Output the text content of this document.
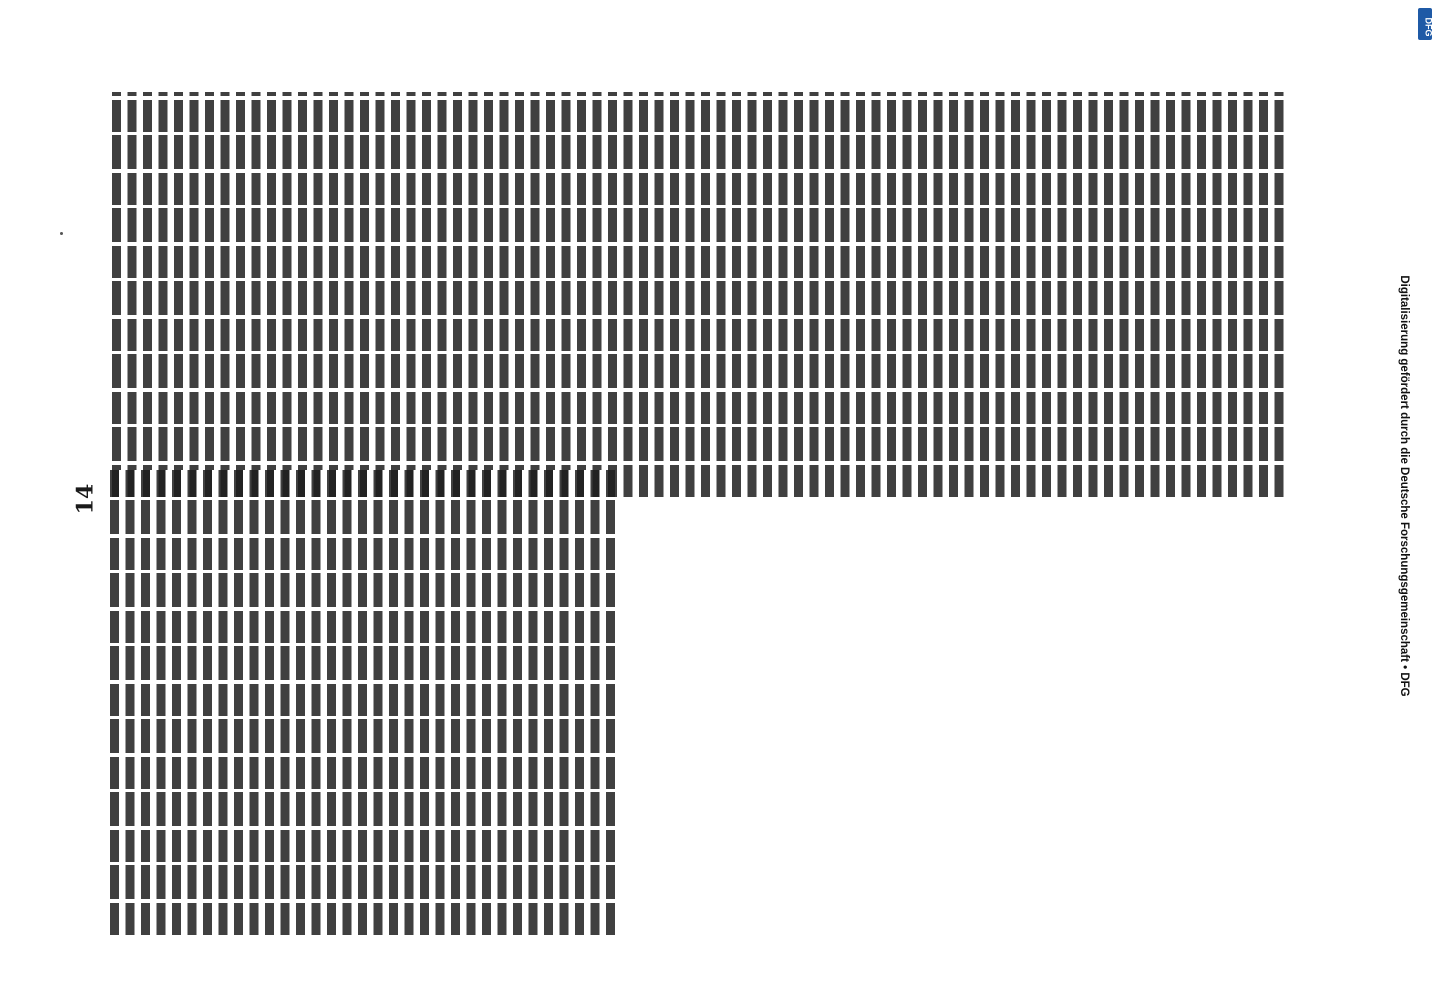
14
DFG
Digitalisierung gefördert durch die Deutsche Forschungsgemeinschaft • DFG
